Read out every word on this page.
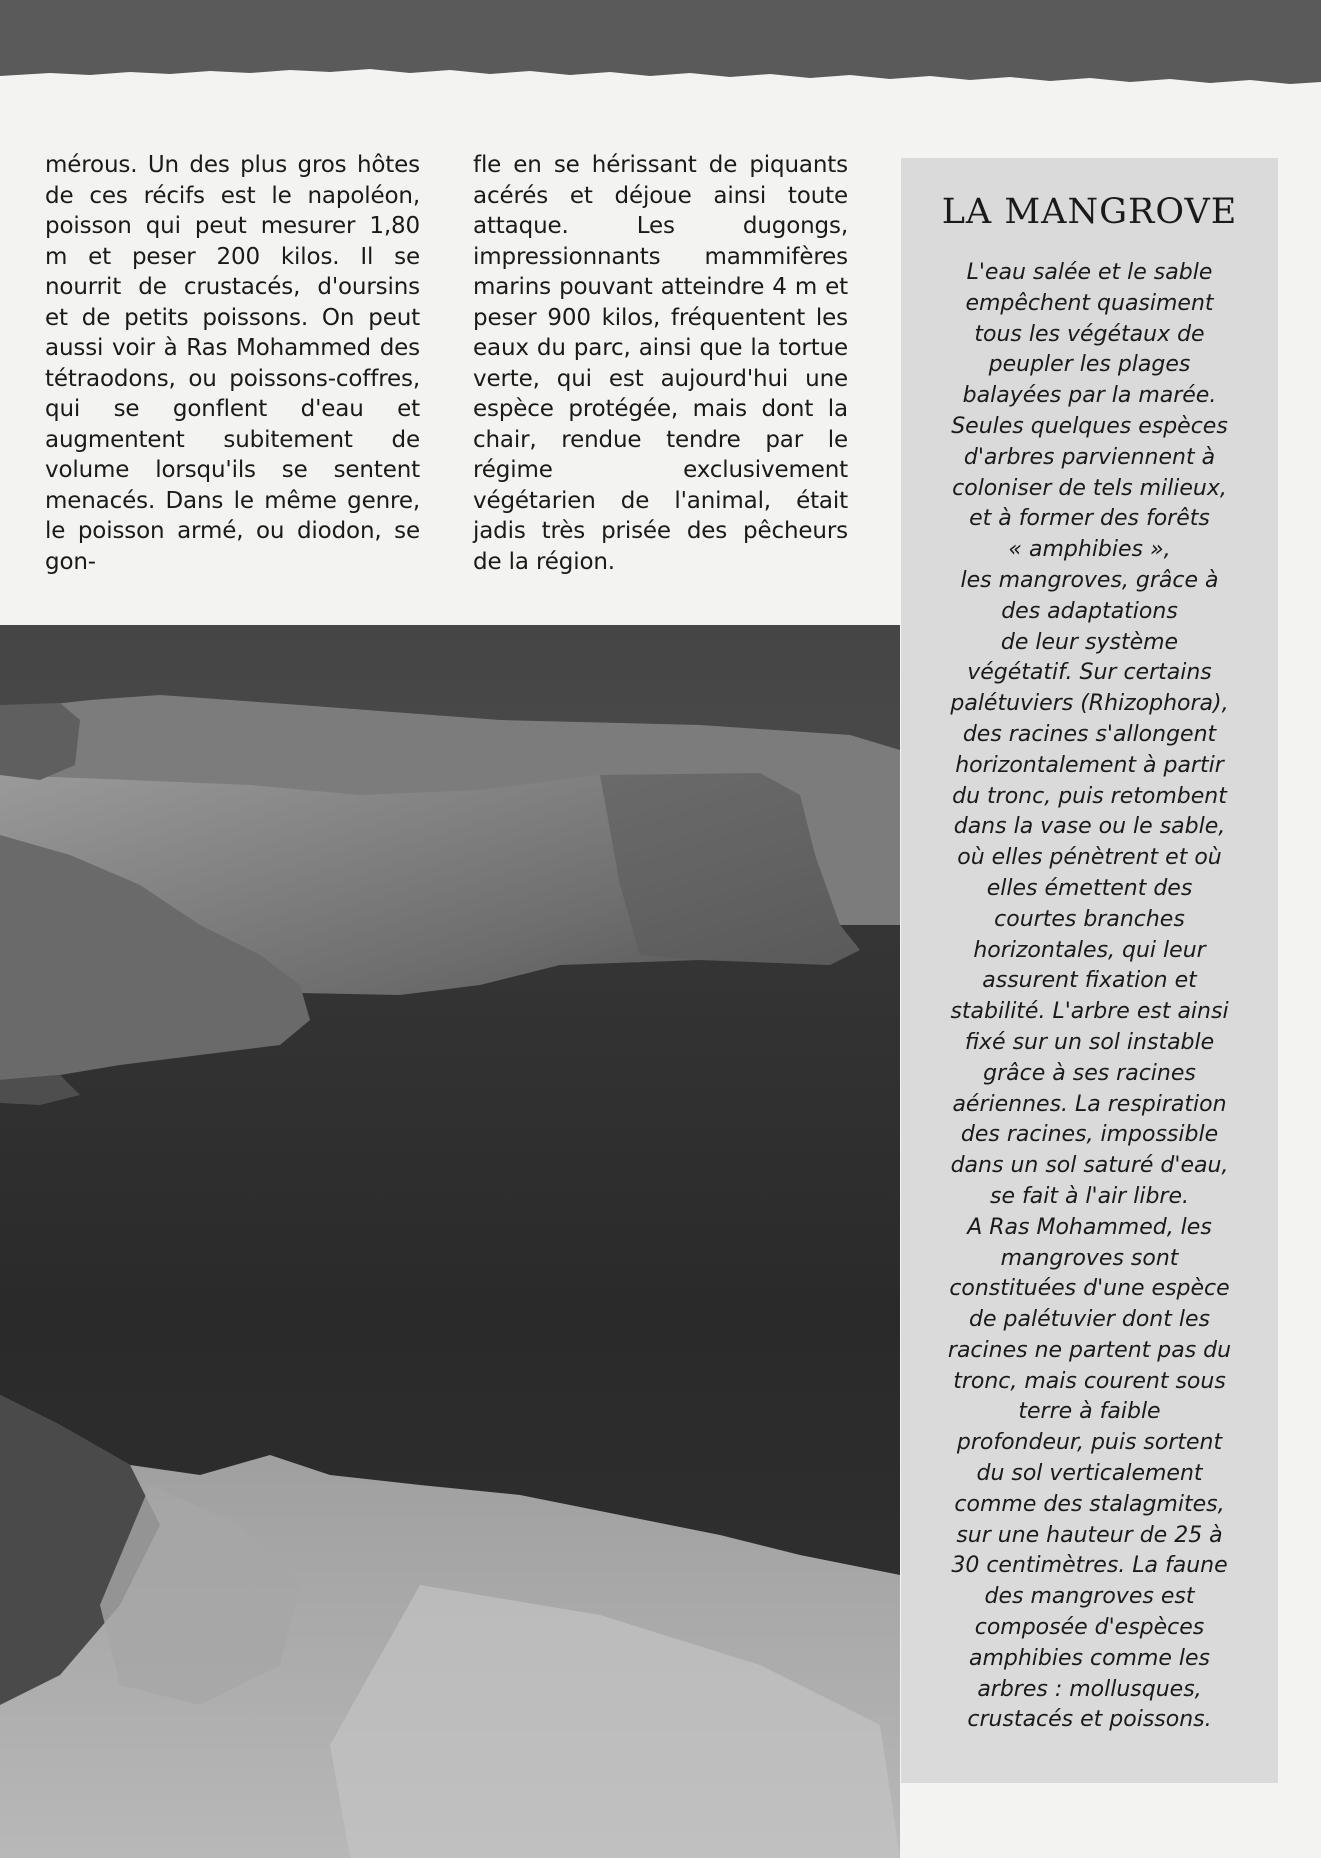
mérous. Un des plus gros hôtes de ces récifs est le napoléon, poisson qui peut mesurer 1,80 m et peser 200 kilos. Il se nourrit de crustacés, d'oursins et de petits poissons. On peut aussi voir à Ras Mohammed des tétraodons, ou poissons-coffres, qui se gonflent d'eau et augmentent subitement de volume lorsqu'ils se sentent menacés. Dans le même genre, le poisson armé, ou diodon, se gon-
fle en se hérissant de piquants acérés et déjoue ainsi toute attaque. Les dugongs, impressionnants mammifères marins pouvant atteindre 4 m et peser 900 kilos, fréquentent les eaux du parc, ainsi que la tortue verte, qui est aujourd'hui une espèce protégée, mais dont la chair, rendue tendre par le régime exclusivement végétarien de l'animal, était jadis très prisée des pêcheurs de la région.
LA MANGROVE
L'eau salée et le sable
empêchent quasiment
tous les végétaux de
peupler les plages
balayées par la marée.
Seules quelques espèces
d'arbres parviennent à
coloniser de tels milieux,
et à former des forêts
« amphibies »,
les mangroves, grâce à
des adaptations
de leur système
végétatif. Sur certains
palétuviers (Rhizophora),
des racines s'allongent
horizontalement à partir
du tronc, puis retombent
dans la vase ou le sable,
où elles pénètrent et où
elles émettent des
courtes branches
horizontales, qui leur
assurent fixation et
stabilité. L'arbre est ainsi
fixé sur un sol instable
grâce à ses racines
aériennes. La respiration
des racines, impossible
dans un sol saturé d'eau,
se fait à l'air libre.
A Ras Mohammed, les
mangroves sont
constituées d'une espèce
de palétuvier dont les
racines ne partent pas du
tronc, mais courent sous
terre à faible
profondeur, puis sortent
du sol verticalement
comme des stalagmites,
sur une hauteur de 25 à
30 centimètres. La faune
des mangroves est
composée d'espèces
amphibies comme les
arbres : mollusques,
crustacés et poissons.
